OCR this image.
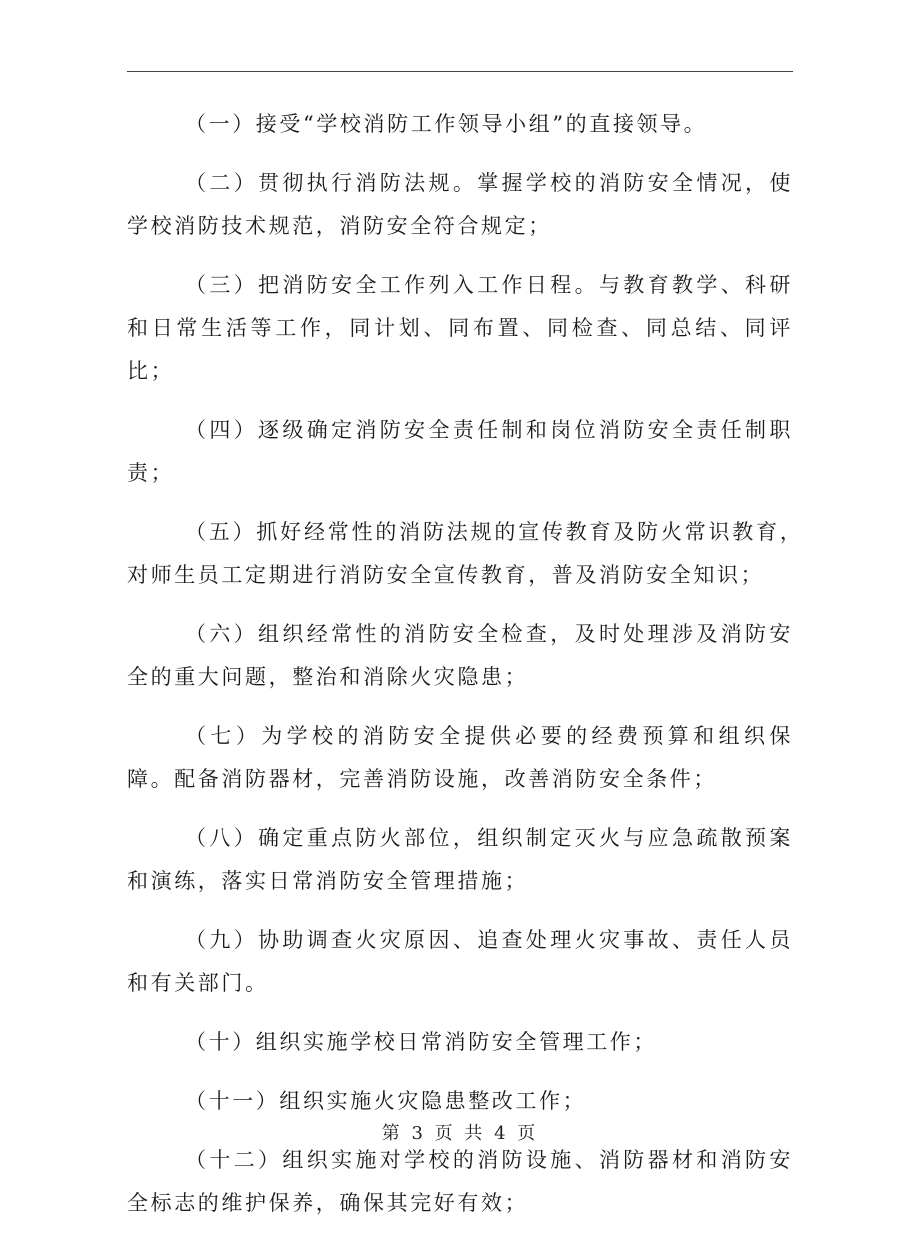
（一）接受“学校消防工作领导小组”的直接领导。

（二）贯彻执行消防法规。掌握学校的消防安全情况，使学校消防技术规范，消防安全符合规定；

（三）把消防安全工作列入工作日程。与教育教学、科研和日常生活等工作，同计划、同布置、同检查、同总结、同评比；

（四）逐级确定消防安全责任制和岗位消防安全责任制职责；

（五）抓好经常性的消防法规的宣传教育及防火常识教育，　　对师生员工定期进行消防安全宣传教育，普及消防安全知识；

（六）组织经常性的消防安全检查，及时处理涉及消防安全的重大问题，整治和消除火灾隐患；

（七）为学校的消防安全提供必要的经费预算和组织保障。配备消防器材，完善消防设施，改善消防安全条件；

（八）确定重点防火部位，组织制定灭火与应急疏散预案和演练，落实日常消防安全管理措施；

（九）协助调查火灾原因、追查处理火灾事故、责任人员和有关部门。

（十）组织实施学校日常消防安全管理工作；

（十一）组织实施火灾隐患整改工作；

（十二）组织实施对学校的消防设施、消防器材和消防安全标志的维护保养，确保其完好有效；

第 3 页 共 4 页
